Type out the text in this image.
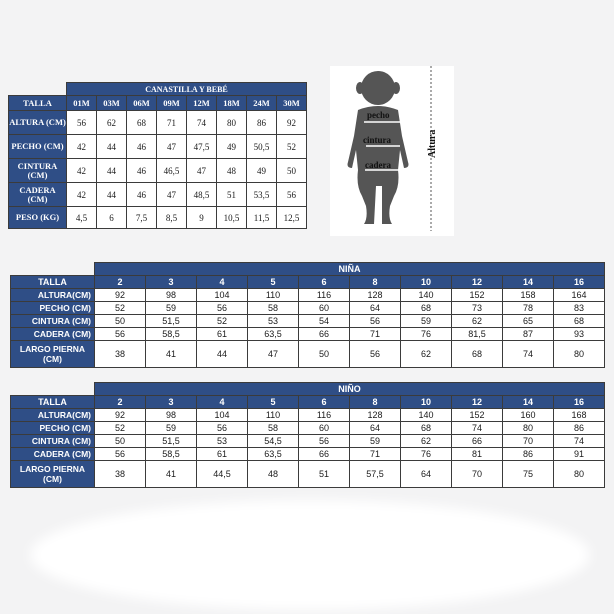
	CANASTILLA Y BEBÉ							
TALLA	01M	03M	06M	09M	12M	18M	24M	30M
ALTURA (CM)	56	62	68	71	74	80	86	92
PECHO (CM)	42	44	46	47	47,5	49	50,5	52
CINTURA (CM)	42	44	46	46,5	47	48	49	50
CADERA (CM)	42	44	46	47	48,5	51	53,5	56
PESO (KG)	4,5	6	7,5	8,5	9	10,5	11,5	12,5
pecho
cintura
cadera
Altura
	NIÑA									
TALLA	2	3	4	5	6	8	10	12	14	16
ALTURA(CM)	92	98	104	110	116	128	140	152	158	164
PECHO (CM)	52	59	56	58	60	64	68	73	78	83
CINTURA (CM)	50	51,5	52	53	54	56	59	62	65	68
CADERA (CM)	56	58,5	61	63,5	66	71	76	81,5	87	93
LARGO PIERNA (CM)	38	41	44	47	50	56	62	68	74	80
	NIÑO									
TALLA	2	3	4	5	6	8	10	12	14	16
ALTURA(CM)	92	98	104	110	116	128	140	152	160	168
PECHO (CM)	52	59	56	58	60	64	68	74	80	86
CINTURA (CM)	50	51,5	53	54,5	56	59	62	66	70	74
CADERA (CM)	56	58,5	61	63,5	66	71	76	81	86	91
LARGO PIERNA (CM)	38	41	44,5	48	51	57,5	64	70	75	80
